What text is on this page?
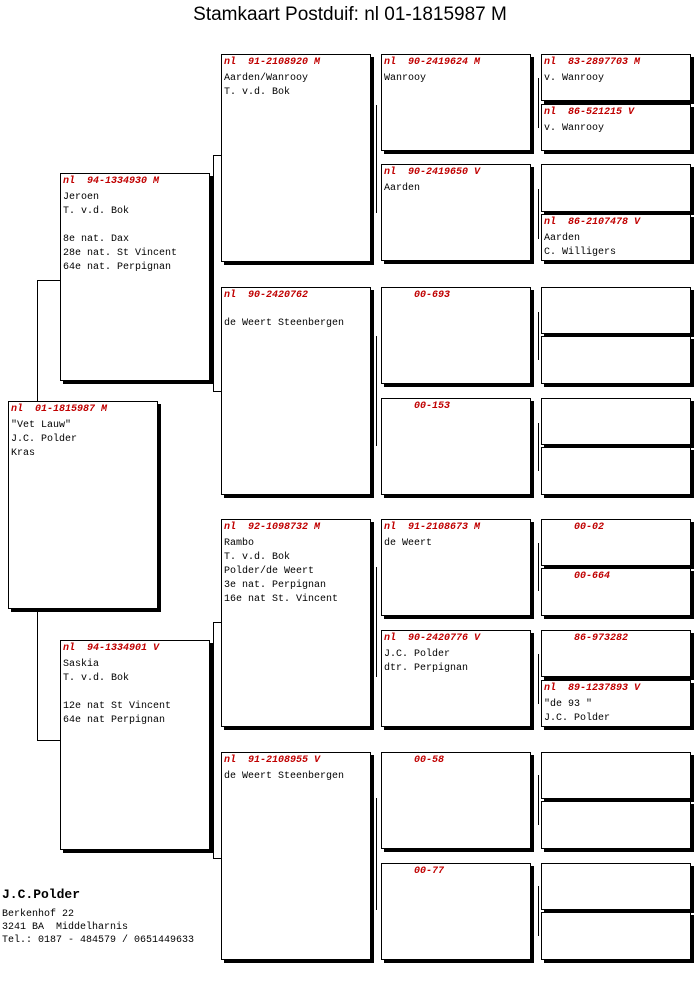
Stamkaart Postduif: nl 01-1815987 M
nl  01-1815987 M
"Vet Lauw"
J.C. Polder
Kras
nl  94-1334930 M
Jeroen
T. v.d. Bok
8e nat. Dax
28e nat. St Vincent
64e nat. Perpignan
nl  94-1334901 V
Saskia
T. v.d. Bok
12e nat St Vincent
64e nat Perpignan
nl  91-2108920 M
Aarden/Wanrooy
T. v.d. Bok
nl  90-2420762
de Weert Steenbergen
nl  92-1098732 M
Rambo
T. v.d. Bok
Polder/de Weert
3e nat. Perpignan
16e nat St. Vincent
nl  91-2108955 V
de Weert Steenbergen
nl  90-2419624 M
Wanrooy
nl  90-2419650 V
Aarden
00-693
00-153
nl  91-2108673 M
de Weert
nl  90-2420776 V
J.C. Polder
dtr. Perpignan
00-58
00-77
nl  83-2897703 M
v. Wanrooy
nl  86-521215 V
v. Wanrooy
nl  86-2107478 V
Aarden
C. Willigers
00-02
00-664
86-973282
nl  89-1237893 V
"de 93 "
J.C. Polder
J.C.Polder
Berkenhof 22
3241 BA  Middelharnis
Tel.: 0187 - 484579 / 0651449633
